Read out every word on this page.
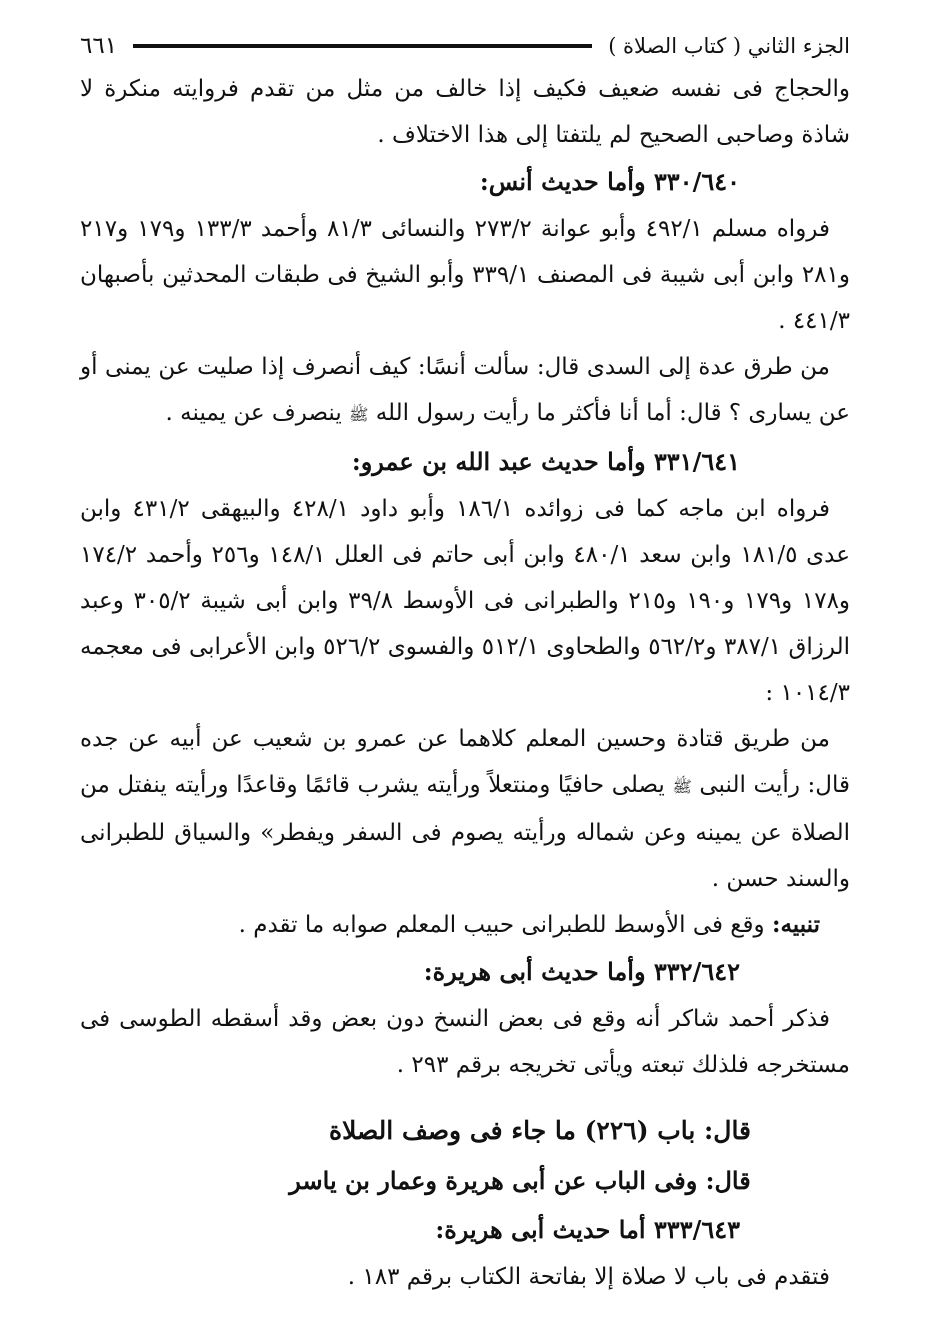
الجزء الثاني ( كتاب الصلاة )
٦٦١

والحجاج فى نفسه ضعيف فكيف إذا خالف من مثل من تقدم فروايته منكرة لا شاذة وصاحبى الصحيح لم يلتفتا إلى هذا الاختلاف .

٣٣٠/٦٤٠ وأما حديث أنس:

فرواه مسلم ٤٩٢/١ وأبو عوانة ٢٧٣/٢ والنسائى ٨١/٣ وأحمد ١٣٣/٣ و١٧٩ و٢١٧ و٢٨١ وابن أبى شيبة فى المصنف ٣٣٩/١ وأبو الشيخ فى طبقات المحدثين بأصبهان ٤٤١/٣ .

من طرق عدة إلى السدى قال: سألت أنسًا: كيف أنصرف إذا صليت عن يمنى أو عن يسارى ؟ قال: أما أنا فأكثر ما رأيت رسول الله ﷺ ينصرف عن يمينه .

٣٣١/٦٤١ وأما حديث عبد الله بن عمرو:

فرواه ابن ماجه كما فى زوائده ١٨٦/١ وأبو داود ٤٢٨/١ والبيهقى ٤٣١/٢ وابن عدى ١٨١/٥ وابن سعد ٤٨٠/١ وابن أبى حاتم فى العلل ١٤٨/١ و٢٥٦ وأحمد ١٧٤/٢ و١٧٨ و١٧٩ و١٩٠ و٢١٥ والطبرانى فى الأوسط ٣٩/٨ وابن أبى شيبة ٣٠٥/٢ وعبد الرزاق ٣٨٧/١ و٥٦٢/٢ والطحاوى ٥١٢/١ والفسوى ٥٢٦/٢ وابن الأعرابى فى معجمه ١٠١٤/٣ :

من طريق قتادة وحسين المعلم كلاهما عن عمرو بن شعيب عن أبيه عن جده قال: رأيت النبى ﷺ يصلى حافيًا ومنتعلاً ورأيته يشرب قائمًا وقاعدًا ورأيته ينفتل من الصلاة عن يمينه وعن شماله ورأيته يصوم فى السفر ويفطر» والسياق للطبرانى والسند حسن .

تنبيه: وقع فى الأوسط للطبرانى حبيب المعلم صوابه ما تقدم .

٣٣٢/٦٤٢ وأما حديث أبى هريرة:

فذكر أحمد شاكر أنه وقع فى بعض النسخ دون بعض وقد أسقطه الطوسى فى مستخرجه فلذلك تبعته ويأتى تخريجه برقم ٢٩٣ .

قال: باب (٢٢٦) ما جاء فى وصف الصلاة

قال: وفى الباب عن أبى هريرة وعمار بن ياسر

٣٣٣/٦٤٣ أما حديث أبى هريرة:

فتقدم فى باب لا صلاة إلا بفاتحة الكتاب برقم ١٨٣ .
